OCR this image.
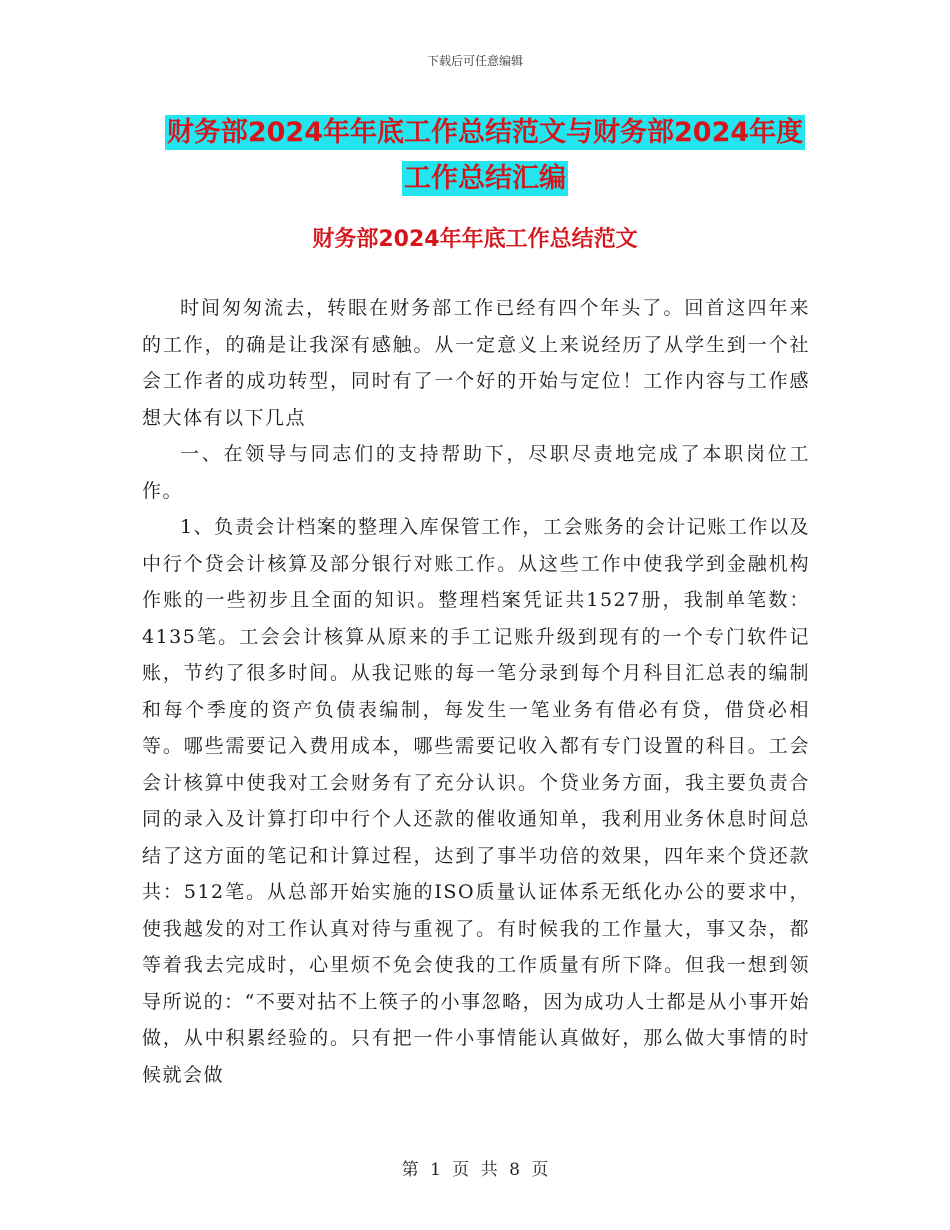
下载后可任意编辑
财务部2024年年底工作总结范文与财务部2024年度
工作总结汇编
财务部2024年年底工作总结范文

时间匆匆流去，转眼在财务部工作已经有四个年头了。回首这四年来的工作，的确是让我深有感触。从一定意义上来说经历了从学生到一个社会工作者的成功转型，同时有了一个好的开始与定位！工作内容与工作感想大体有以下几点

一、在领导与同志们的支持帮助下，尽职尽责地完成了本职岗位工作。

1、负责会计档案的整理入库保管工作，工会账务的会计记账工作以及中行个贷会计核算及部分银行对账工作。从这些工作中使我学到金融机构作账的一些初步且全面的知识。整理档案凭证共1527册，我制单笔数：4135笔。工会会计核算从原来的手工记账升级到现有的一个专门软件记账，节约了很多时间。从我记账的每一笔分录到每个月科目汇总表的编制和每个季度的资产负债表编制，每发生一笔业务有借必有贷，借贷必相等。哪些需要记入费用成本，哪些需要记收入都有专门设置的科目。工会会计核算中使我对工会财务有了充分认识。个贷业务方面，我主要负责合同的录入及计算打印中行个人还款的催收通知单，我利用业务休息时间总结了这方面的笔记和计算过程，达到了事半功倍的效果，四年来个贷还款共：512笔。从总部开始实施的ISO质量认证体系无纸化办公的要求中，使我越发的对工作认真对待与重视了。有时候我的工作量大，事又杂，都等着我去完成时，心里烦不免会使我的工作质量有所下降。但我一想到领导所说的：“不要对拈不上筷子的小事忽略，因为成功人士都是从小事开始做，从中积累经验的。只有把一件小事情能认真做好，那么做大事情的时候就会做

第 1 页 共 8 页
